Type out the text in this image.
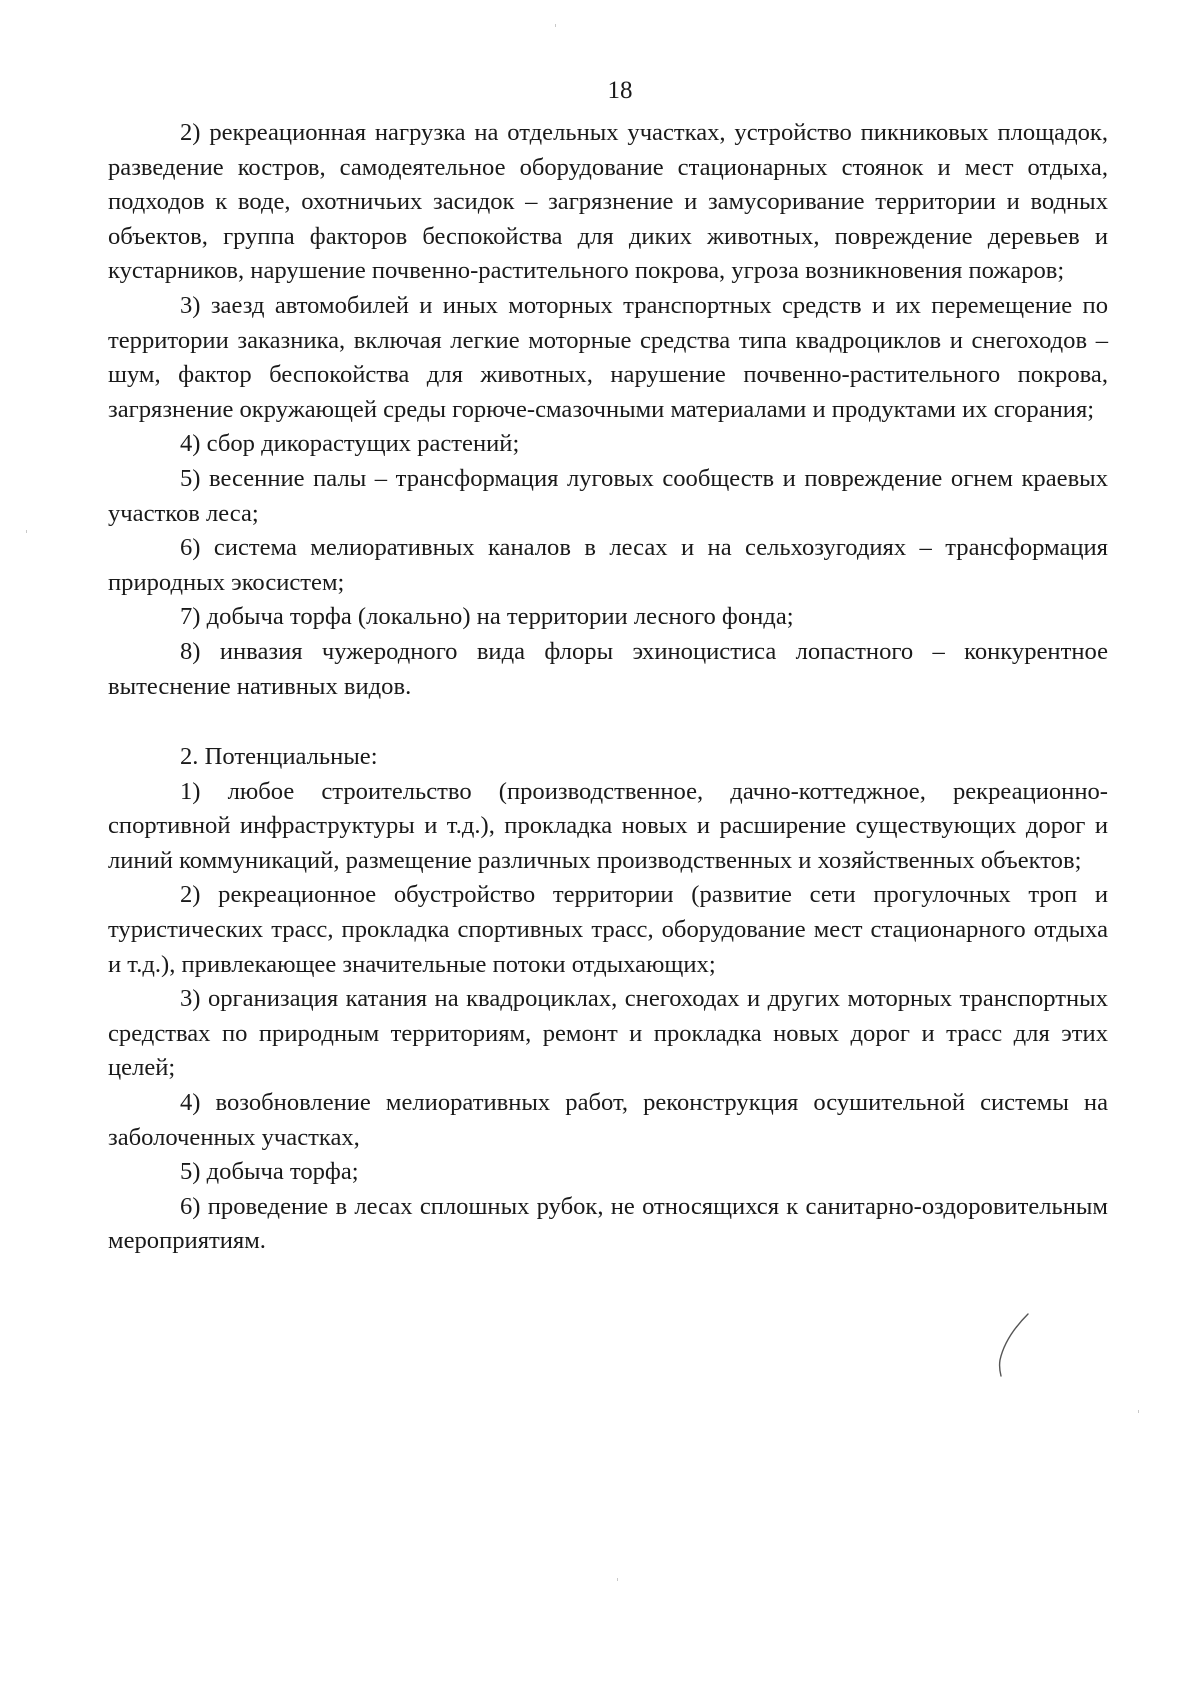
18

2) рекреационная нагрузка на отдельных участках, устройство пикниковых площадок, разведение костров, самодеятельное оборудование стационарных стоянок и мест отдыха, подходов к воде, охотничьих засидок – загрязнение и замусоривание территории и водных объектов, группа факторов беспокойства для диких животных, повреждение деревьев и кустарников, нарушение почвенно-растительного покрова, угроза возникновения пожаров;

3) заезд автомобилей и иных моторных транспортных средств и их перемещение по территории заказника, включая легкие моторные средства типа квадроциклов и снегоходов – шум, фактор беспокойства для животных, нарушение почвенно-растительного покрова, загрязнение окружающей среды горюче-смазочными материалами и продуктами их сгорания;

4) сбор дикорастущих растений;

5) весенние палы – трансформация луговых сообществ и повреждение огнем краевых участков леса;

6) система мелиоративных каналов в лесах и на сельхозугодиях – трансформация природных экосистем;

7) добыча торфа (локально) на территории лесного фонда;

8) инвазия чужеродного вида флоры эхиноцистиса лопастного – конкурентное вытеснение нативных видов.

2. Потенциальные:

1) любое строительство (производственное, дачно-коттеджное, рекреационно-спортивной инфраструктуры и т.д.), прокладка новых и расширение существующих дорог и линий коммуникаций, размещение различных производственных и хозяйственных объектов;

2) рекреационное обустройство территории (развитие сети прогулочных троп и туристических трасс, прокладка спортивных трасс, оборудование мест стационарного отдыха и т.д.), привлекающее значительные потоки отдыхающих;

3) организация катания на квадроциклах, снегоходах и других моторных транспортных средствах по природным территориям, ремонт и прокладка новых дорог и трасс для этих целей;

4) возобновление мелиоративных работ, реконструкция осушительной системы на заболоченных участках,

5) добыча торфа;

6) проведение в лесах сплошных рубок, не относящихся к санитарно-оздоровительным мероприятиям.
